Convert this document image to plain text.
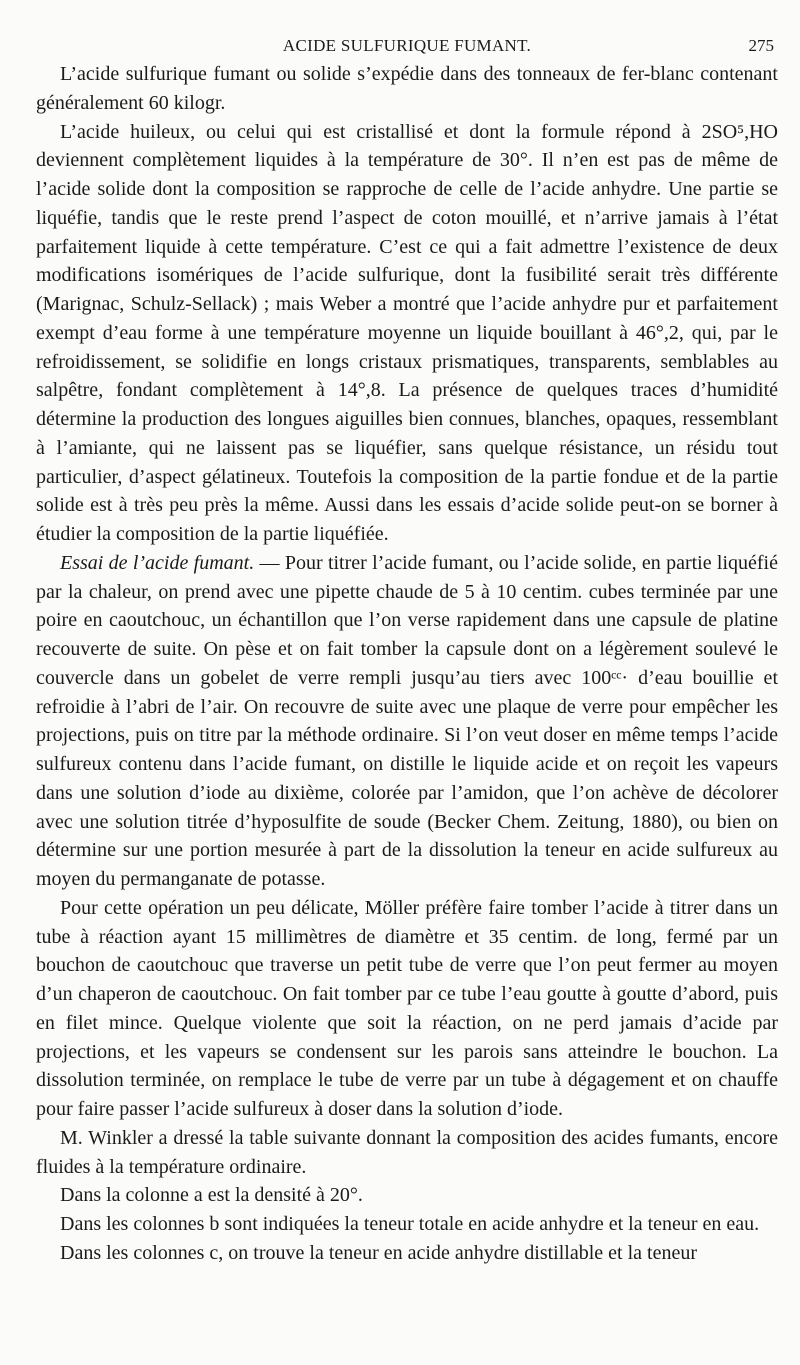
ACIDE SULFURIQUE FUMANT.	275

L’acide sulfurique fumant ou solide s’expédie dans des tonneaux de fer-blanc contenant généralement 60 kilogr.

L’acide huileux, ou celui qui est cristallisé et dont la formule répond à 2SO⁵,HO deviennent complètement liquides à la température de 30°. Il n’en est pas de même de l’acide solide dont la composition se rapproche de celle de l’acide anhydre. Une partie se liquéfie, tandis que le reste prend l’aspect de coton mouillé, et n’arrive jamais à l’état parfaitement liquide à cette température. C’est ce qui a fait admettre l’existence de deux modifications isomériques de l’acide sulfurique, dont la fusibilité serait très différente (Marignac, Schulz-Sellack) ; mais Weber a montré que l’acide anhydre pur et parfaitement exempt d’eau forme à une température moyenne un liquide bouillant à 46°,2, qui, par le refroidissement, se solidifie en longs cristaux prismatiques, transparents, semblables au salpêtre, fondant complètement à 14°,8. La présence de quelques traces d’humidité détermine la production des longues aiguilles bien connues, blanches, opaques, ressemblant à l’amiante, qui ne laissent pas se liquéfier, sans quelque résistance, un résidu tout particulier, d’aspect gélatineux. Toutefois la composition de la partie fondue et de la partie solide est à très peu près la même. Aussi dans les essais d’acide solide peut-on se borner à étudier la composition de la partie liquéfiée.

Essai de l’acide fumant. — Pour titrer l’acide fumant, ou l’acide solide, en partie liquéfié par la chaleur, on prend avec une pipette chaude de 5 à 10 centim. cubes terminée par une poire en caoutchouc, un échantillon que l’on verse rapidement dans une capsule de platine recouverte de suite. On pèse et on fait tomber la capsule dont on a légèrement soulevé le couvercle dans un gobelet de verre rempli jusqu’au tiers avec 100ᶜᶜ· d’eau bouillie et refroidie à l’abri de l’air. On recouvre de suite avec une plaque de verre pour empêcher les projections, puis on titre par la méthode ordinaire. Si l’on veut doser en même temps l’acide sulfureux contenu dans l’acide fumant, on distille le liquide acide et on reçoit les vapeurs dans une solution d’iode au dixième, colorée par l’amidon, que l’on achève de décolorer avec une solution titrée d’hyposulfite de soude (Becker Chem. Zeitung, 1880), ou bien on détermine sur une portion mesurée à part de la dissolution la teneur en acide sulfureux au moyen du permanganate de potasse.

Pour cette opération un peu délicate, Möller préfère faire tomber l’acide à titrer dans un tube à réaction ayant 15 millimètres de diamètre et 35 centim. de long, fermé par un bouchon de caoutchouc que traverse un petit tube de verre que l’on peut fermer au moyen d’un chaperon de caoutchouc. On fait tomber par ce tube l’eau goutte à goutte d’abord, puis en filet mince. Quelque violente que soit la réaction, on ne perd jamais d’acide par projections, et les vapeurs se condensent sur les parois sans atteindre le bouchon. La dissolution terminée, on remplace le tube de verre par un tube à dégagement et on chauffe pour faire passer l’acide sulfureux à doser dans la solution d’iode.

M. Winkler a dressé la table suivante donnant la composition des acides fumants, encore fluides à la température ordinaire.

Dans la colonne a est la densité à 20°.

Dans les colonnes b sont indiquées la teneur totale en acide anhydre et la teneur en eau.

Dans les colonnes c, on trouve la teneur en acide anhydre distillable et la teneur
